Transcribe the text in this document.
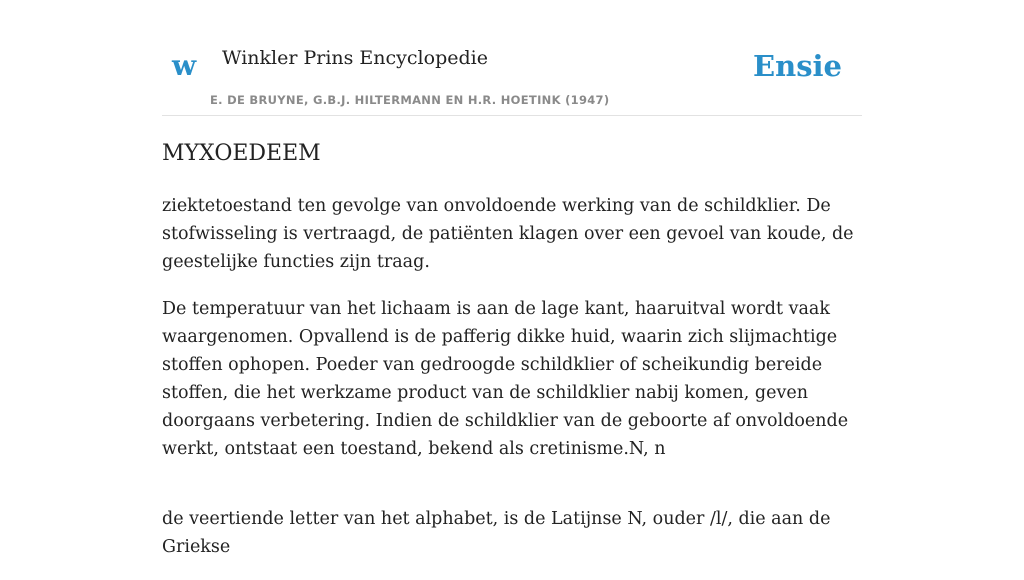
w Winkler Prins Encyclopedie
E. DE BRUYNE, G.B.J. HILTERMANN EN H.R. HOETINK (1947)
Ensie
MYXOEDEEM

ziektetoestand ten gevolge van onvoldoende werking van de schildklier. De stofwisseling is vertraagd, de patiënten klagen over een gevoel van koude, de geestelijke functies zijn traag.

De temperatuur van het lichaam is aan de lage kant, haaruitval wordt vaak waargenomen. Opvallend is de pafferig dikke huid, waarin zich slijmachtige stoffen ophopen. Poeder van gedroogde schildklier of scheikundig bereide stoffen, die het werkzame product van de schildklier nabij komen, geven doorgaans verbetering. Indien de schildklier van de geboorte af onvoldoende werkt, ontstaat een toestand, bekend als cretinisme.N, n

de veertiende letter van het alphabet, is de Latijnse N, ouder /l/, die aan de Griekse
